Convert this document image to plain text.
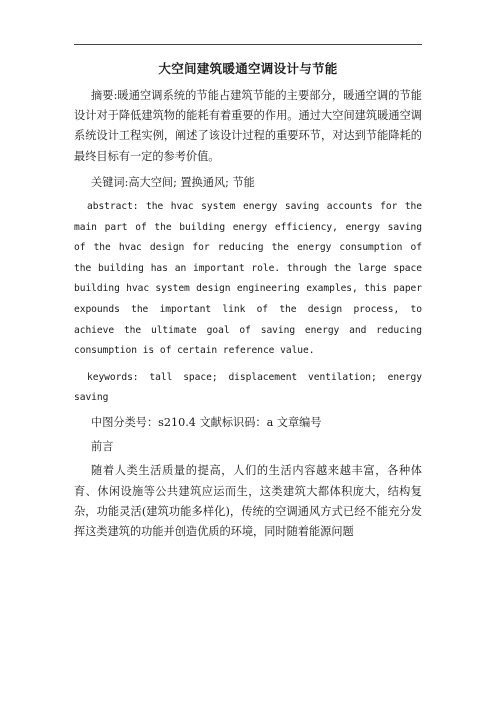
大空间建筑暖通空调设计与节能

摘要:暖通空调系统的节能占建筑节能的主要部分，暖通空调的节能设计对于降低建筑物的能耗有着重要的作用。通过大空间建筑暖通空调系统设计工程实例，阐述了该设计过程的重要环节，对达到节能降耗的最终目标有一定的参考价值。

关键词:高大空间; 置换通风; 节能

abstract: the hvac system energy saving accounts for the main part of the building energy efficiency, energy saving of the hvac design for reducing the energy consumption of the building has an important role. through the large space building hvac system design engineering examples, this paper expounds the important link of the design process, to achieve the ultimate goal of saving energy and reducing consumption is of certain reference value.

keywords: tall space; displacement ventilation; energy saving

中图分类号：s210.4 文献标识码：a 文章编号

前言

随着人类生活质量的提高，人们的生活内容越来越丰富，各种体育、休闲设施等公共建筑应运而生，这类建筑大都体积庞大，结构复杂，功能灵活(建筑功能多样化)，传统的空调通风方式已经不能充分发挥这类建筑的功能并创造优质的环境，同时随着能源问题
